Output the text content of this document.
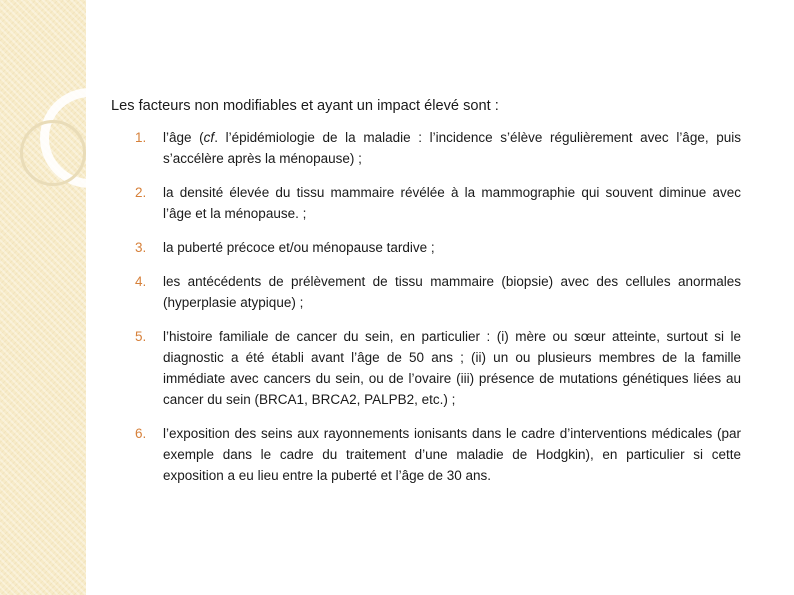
Les facteurs non modifiables et ayant un impact élevé sont :

1. l’âge (cf. l’épidémiologie de la maladie : l’incidence s’élève régulièrement avec l’âge, puis s’accélère après la ménopause) ;
2. la densité élevée du tissu mammaire révélée à la mammographie qui souvent diminue avec l’âge et la ménopause. ;
3. la puberté précoce et/ou ménopause tardive ;
4. les antécédents de prélèvement de tissu mammaire (biopsie) avec des cellules anormales (hyperplasie atypique) ;
5. l’histoire familiale de cancer du sein, en particulier : (i) mère ou sœur atteinte, surtout si le diagnostic a été établi avant l’âge de 50 ans ; (ii) un ou plusieurs membres de la famille immédiate avec cancers du sein, ou de l’ovaire (iii) présence de mutations génétiques liées au cancer du sein (BRCA1, BRCA2, PALPB2, etc.) ;
6. l’exposition des seins aux rayonnements ionisants dans le cadre d’interventions médicales (par exemple dans le cadre du traitement d’une maladie de Hodgkin), en particulier si cette exposition a eu lieu entre la puberté et l’âge de 30 ans.
